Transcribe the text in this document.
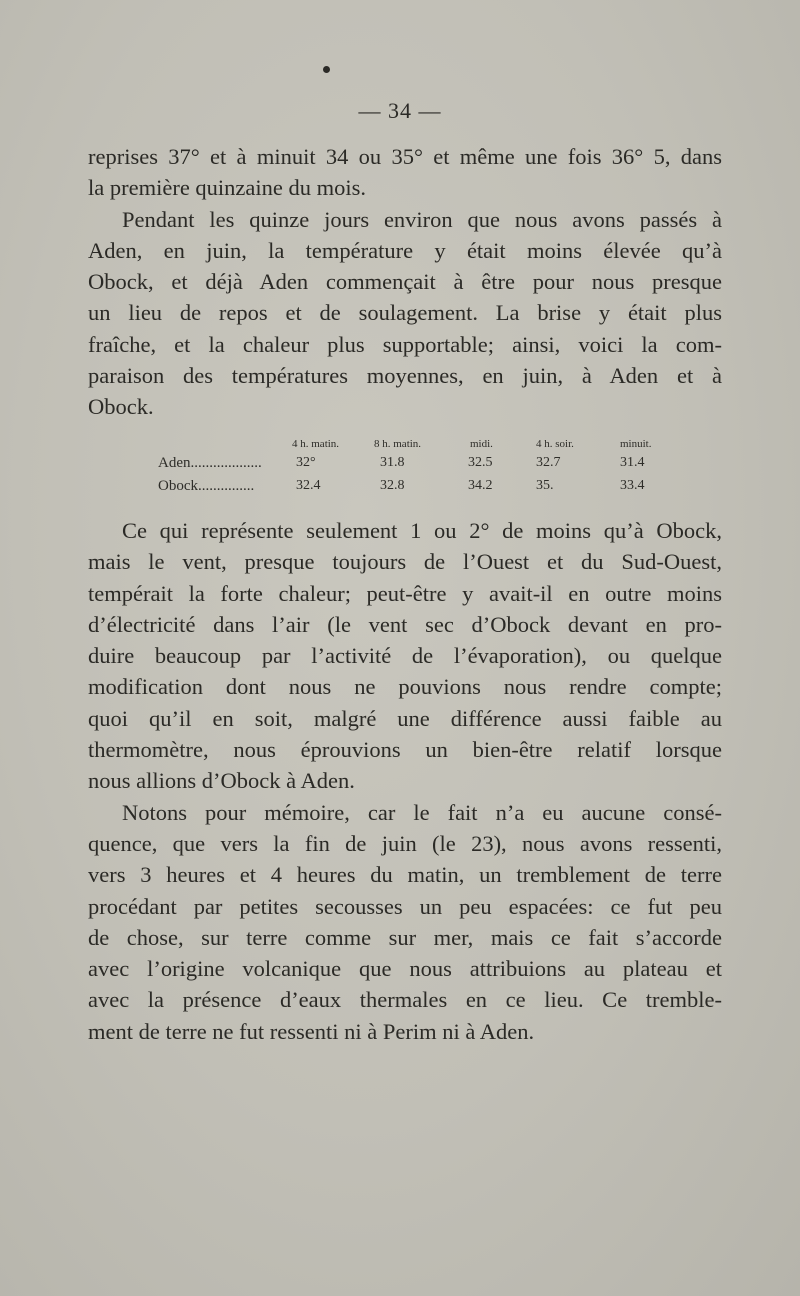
— 34 —
reprises 37° et à minuit 34 ou 35° et même une fois 36° 5, dans
la première quinzaine du mois.
Pendant les quinze jours environ que nous avons passés à
Aden, en juin, la température y était moins élevée qu’à
Obock, et déjà Aden commençait à être pour nous presque
un lieu de repos et de soulagement. La brise y était plus
fraîche, et la chaleur plus supportable; ainsi, voici la com-
paraison des températures moyennes, en juin, à Aden et à
Obock.
4 h. matin.	8 h. matin.	midi.	4 h. soir.	minuit.
Aden................... 32°	31.8	32.5	32.7	31.4
Obock...............	32.4	32.8	34.2	35.	33.4
Ce qui représente seulement 1 ou 2° de moins qu’à Obock,
mais le vent, presque toujours de l’Ouest et du Sud-Ouest,
tempérait la forte chaleur; peut-être y avait-il en outre moins
d’électricité dans l’air (le vent sec d’Obock devant en pro-
duire beaucoup par l’activité de l’évaporation), ou quelque
modification dont nous ne pouvions nous rendre compte;
quoi qu’il en soit, malgré une différence aussi faible au
thermomètre, nous éprouvions un bien-être relatif lorsque
nous allions d’Obock à Aden.
Notons pour mémoire, car le fait n’a eu aucune consé-
quence, que vers la fin de juin (le 23), nous avons ressenti,
vers 3 heures et 4 heures du matin, un tremblement de terre
procédant par petites secousses un peu espacées: ce fut peu
de chose, sur terre comme sur mer, mais ce fait s’accorde
avec l’origine volcanique que nous attribuions au plateau et
avec la présence d’eaux thermales en ce lieu. Ce tremble-
ment de terre ne fut ressenti ni à Perim ni à Aden.
